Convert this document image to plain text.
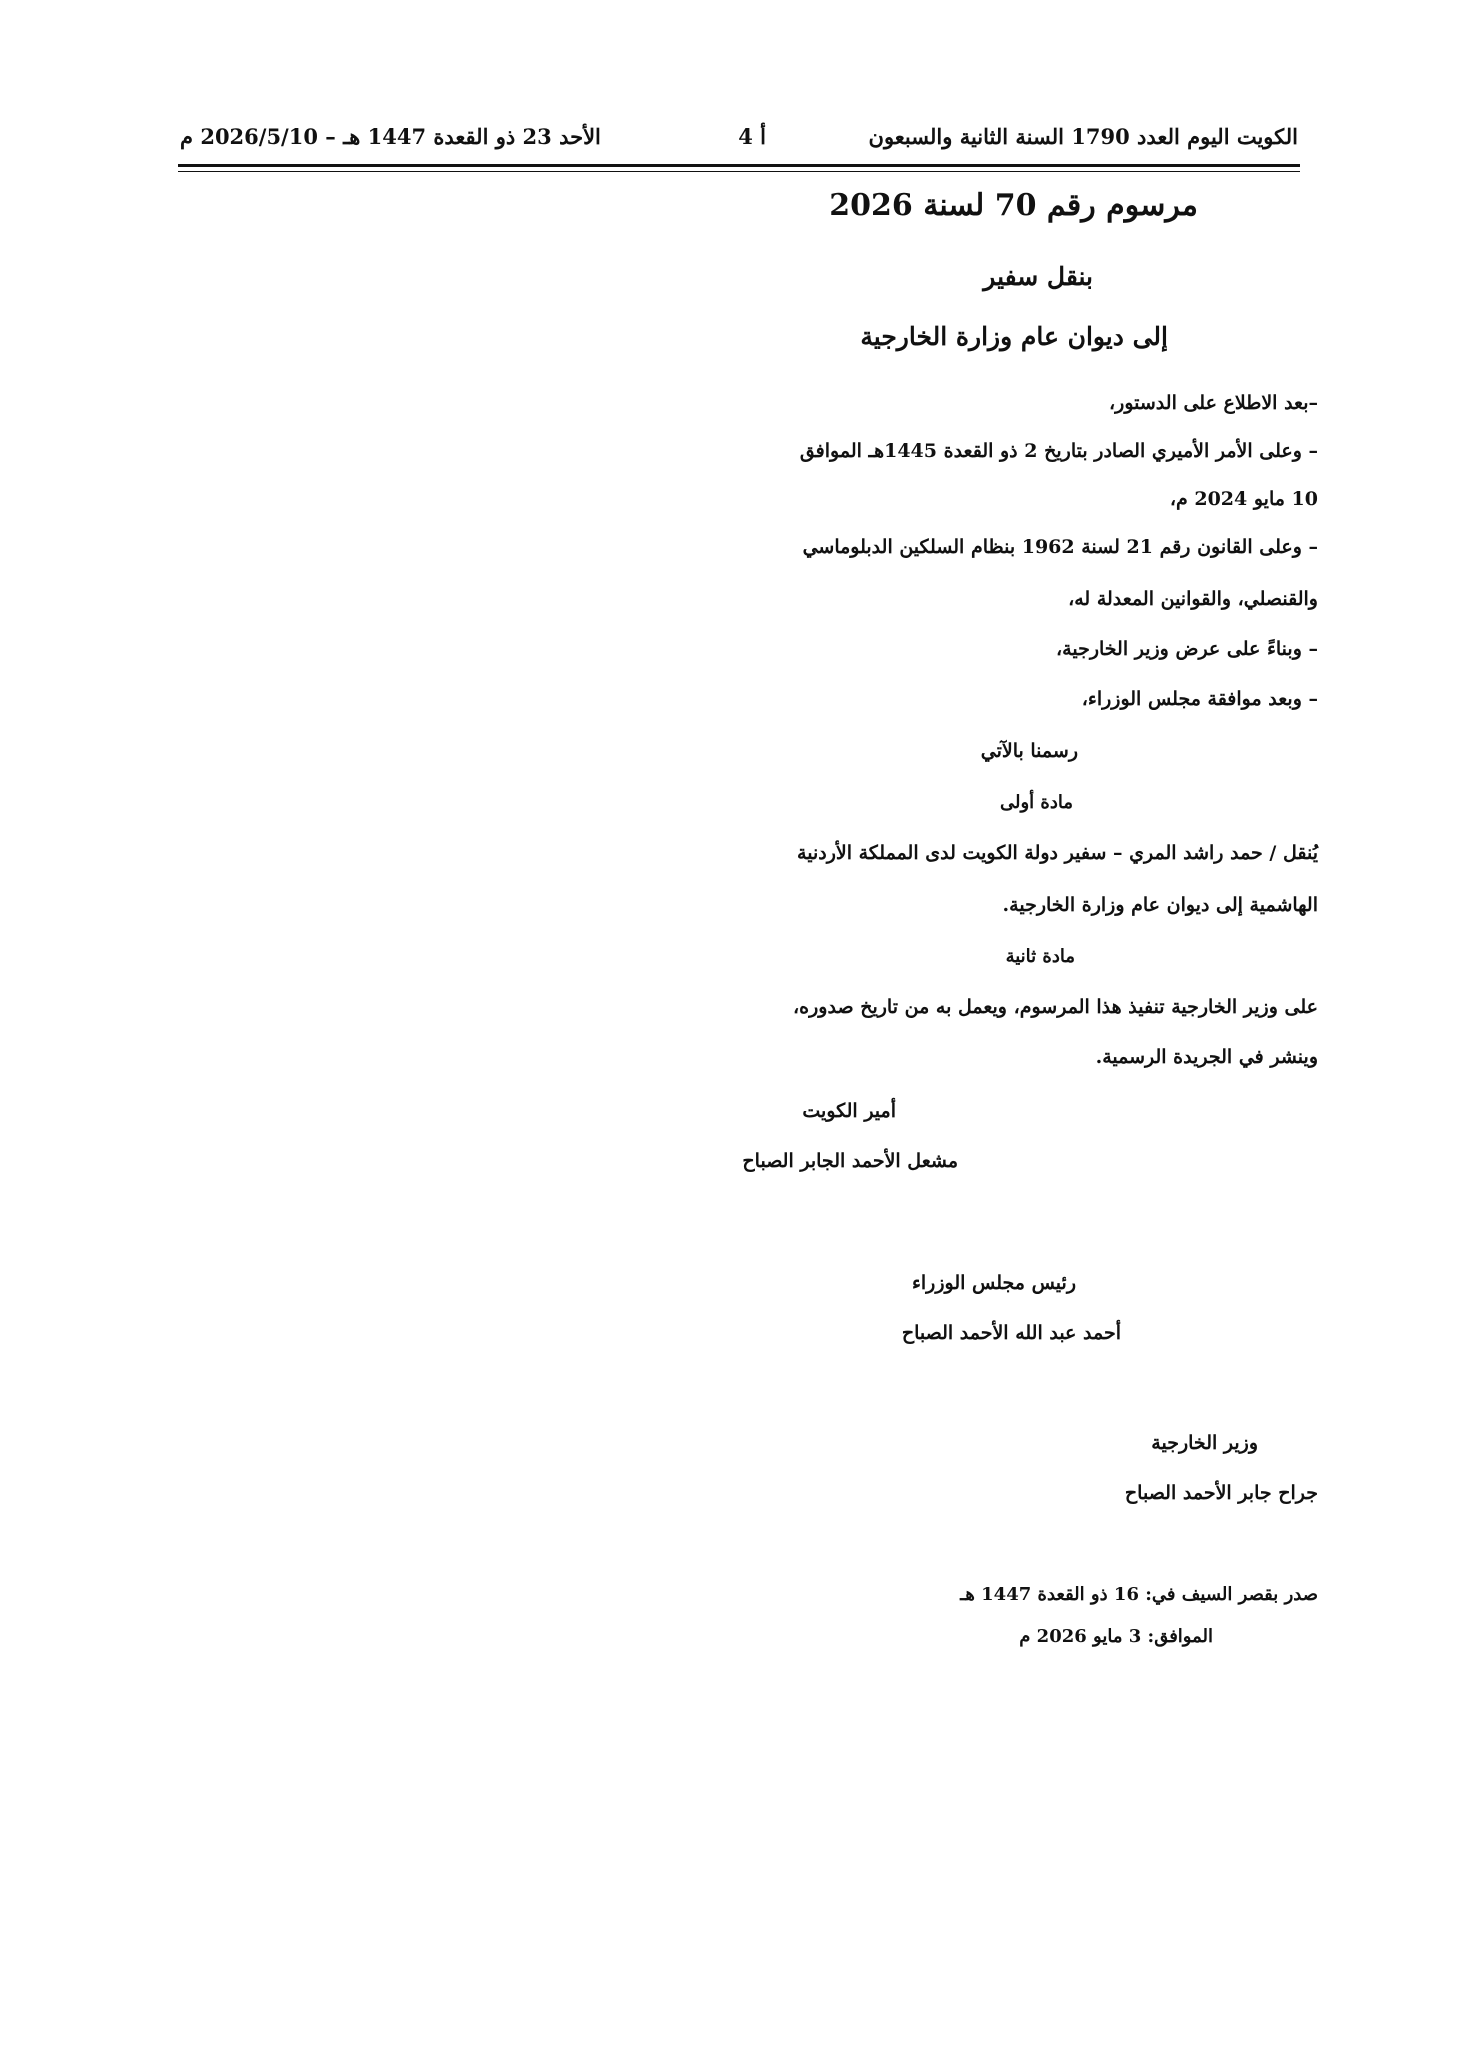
الكويت اليوم العدد 1790 السنة الثانية والسبعون
أ 4
الأحد 23 ذو القعدة 1447 هـ – 2026/5/10 م
مرسوم رقم 70 لسنة 2026
بنقل سفير
إلى ديوان عام وزارة الخارجية
–بعد الاطلاع على الدستور،
– وعلى الأمر الأميري الصادر بتاريخ 2 ذو القعدة 1445هـ الموافق
10 مايو 2024 م،
– وعلى القانون رقم 21 لسنة 1962 بنظام السلكين الدبلوماسي
والقنصلي، والقوانين المعدلة له،
– وبناءً على عرض وزير الخارجية،
– وبعد موافقة مجلس الوزراء،
رسمنا بالآتي
مادة أولى
يُنقل / حمد راشد المري – سفير دولة الكويت لدى المملكة الأردنية
الهاشمية إلى ديوان عام وزارة الخارجية.
مادة ثانية
على وزير الخارجية تنفيذ هذا المرسوم، ويعمل به من تاريخ صدوره،
وينشر في الجريدة الرسمية.
أمير الكويت
مشعل الأحمد الجابر الصباح
رئيس مجلس الوزراء
أحمد عبد الله الأحمد الصباح
وزير الخارجية
جراح جابر الأحمد الصباح
صدر بقصر السيف في: 16 ذو القعدة 1447 هـ
الموافق: 3 مايو 2026 م
